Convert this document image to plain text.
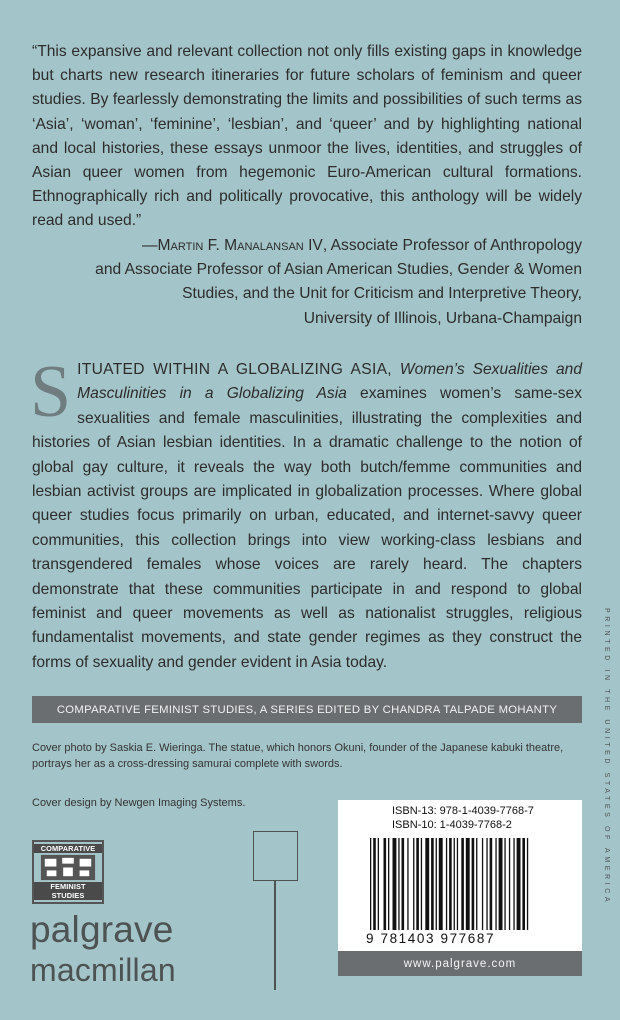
“This expansive and relevant collection not only fills existing gaps in knowledge but charts new research itineraries for future scholars of feminism and queer studies. By fearlessly demonstrating the limits and possibilities of such terms as ‘Asia’, ‘woman’, ‘feminine’, ‘lesbian’, and ‘queer’ and by highlighting national and local histories, these essays unmoor the lives, identities, and struggles of Asian queer women from hegemonic Euro-American cultural formations. Ethnographically rich and politically provocative, this anthology will be widely read and used.”

—Martin F. Manalansan IV, Associate Professor of Anthropology
and Associate Professor of Asian American Studies, Gender & Women
Studies, and the Unit for Criticism and Interpretive Theory,
University of Illinois, Urbana-Champaign

SITUATED WITHIN A GLOBALIZING ASIA, Women’s Sexualities and Masculinities in a Globalizing Asia examines women’s same-sex sexualities and female masculinities, illustrating the complexities and histories of Asian lesbian identities. In a dramatic challenge to the notion of global gay culture, it reveals the way both butch/femme communities and lesbian activist groups are implicated in globalization processes. Where global queer studies focus primarily on urban, educated, and internet-savvy queer communities, this collection brings into view working-class lesbians and transgendered females whose voices are rarely heard. The chapters demonstrate that these communities participate in and respond to global feminist and queer movements as well as nationalist struggles, religious fundamentalist movements, and state gender regimes as they construct the forms of sexuality and gender evident in Asia today.

COMPARATIVE FEMINIST STUDIES, A SERIES EDITED BY CHANDRA TALPADE MOHANTY

Cover photo by Saskia E. Wieringa. The statue, which honors Okuni, founder of the Japanese kabuki theatre, portrays her as a cross-dressing samurai complete with swords.

Cover design by Newgen Imaging Systems.

COMPARATIVE
FEMINIST STUDIES
palgrave
macmillan
ISBN-13: 978-1-4039-7768-7
ISBN-10: 1-4039-7768-2
9 781403 977687
www.palgrave.com
PRINTED IN THE UNITED STATES OF AMERICA
